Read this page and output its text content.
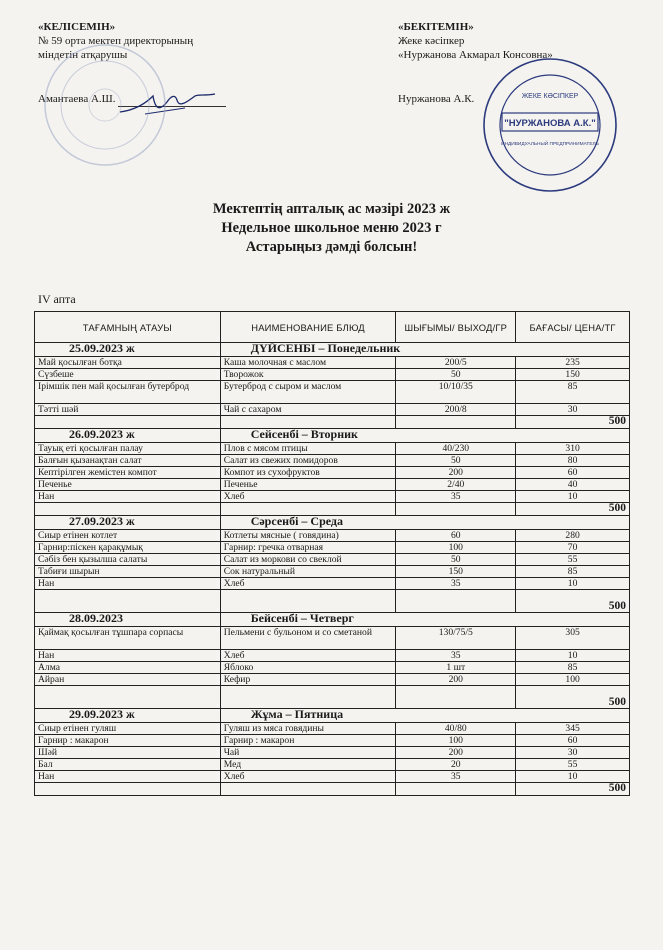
«КЕЛІСЕМІН»
№ 59 орта мектеп директорының
міндетін атқарушы
Амантаева А.Ш.
«БЕКІТЕМІН»
Жеке кәсіпкер
«Нуржанова Акмарал Консовна»
Нуржанова А.К.	ЖЕКЕ КӘСІПКЕР
"НУРЖАНОВА А.К."
ИНДИВИДУАЛЬНЫЙ ПРЕДПРИНИМАТЕЛЬ
Мектептің апталық ас мәзірі 2023 ж
Недельное школьное меню 2023 г
Астарыңыз дәмді болсын!
IV апта
ТАҒАМНЫҢ АТАУЫ	НАИМЕНОВАНИЕ БЛЮД	ШЫҒЫМЫ/ ВЫХОД/ГР	БАҒАСЫ/ ЦЕНА/ТГ
25.09.2023 ж	ДҮЙСЕНБІ – Понедельник		
Май қосылған ботқа	Каша молочная с маслом	200/5	235
Сүзбеше	Творожок	50	150
Ірімшік пен май қосылған бутерброд	Бутерброд с сыром и маслом	10/10/35	85
Тәтті шәй	Чай с сахаром	200/8	30
			500
26.09.2023 ж	Сейсенбі – Вторник		
Тауық еті қосылған палау	Плов с мясом птицы	40/230	310
Балғын қызанақтан салат	Салат из свежих помидоров	50	80
Кептірілген жемістен компот	Компот из сухофруктов	200	60
Печенье	Печенье	2/40	40
Нан	Хлеб	35	10
			500
27.09.2023 ж	Сәрсенбі – Среда		
Сиыр етінен котлет	Котлеты мясные ( говядина)	60	280
Гарнир:піскен қарақұмық	Гарнир: гречка отварная	100	70
Сәбіз бен қызылша салаты	Салат из моркови со свеклой	50	55
Табиғи шырын	Сок натуральный	150	85
Нан	Хлеб	35	10
			500
28.09.2023	Бейсенбі – Четверг		
Қаймақ қосылған тұшпара сорпасы	Пельмени с бульоном и со сметаной	130/75/5	305
Нан	Хлеб	35	10
Алма	Яблоко	1 шт	85
Айран	Кефир	200	100
			500
29.09.2023 ж	Жұма – Пятница		
Сиыр етінен гуляш	Гуляш из мяса говядины	40/80	345
Гарнир : макарон	Гарнир : макарон	100	60
Шәй	Чай	200	30
Бал	Мед	20	55
Нан	Хлеб	35	10
			500
